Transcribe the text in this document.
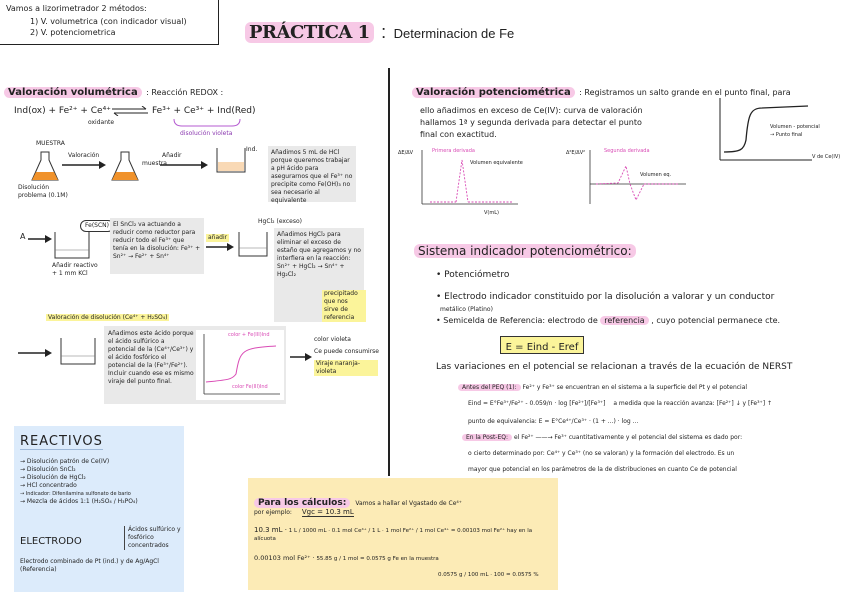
Vamos a lizorimetrador 2 métodos:
1) V. volumetrica (con indicador visual)
2) V. potenciometrica	PRÁCTICA 1 : Determinacion de Fe
Valoración volumétrica : Reacción REDOX :
Ind(ox) + Fe²⁺ + Ce⁴⁺
oxidante
⇌ Fe³⁺ + Ce³⁺ + Ind(Red)
disolución violeta
MUESTRA
Disolución problema (0.1M)
Valoración
muestra
Añadir
Ind.	Añadimos 5 mL de HCl porque queremos trabajar a pH ácido para asegurarnos que el Fe³⁺ no precipite como Fe(OH)₃ no sea necesario al equivalente
A
Fe(SCN)
Añadir reactivo + 1 mm KCl
El SnCl₂ va actuando a reducir como reductor para reducir todo el Fe³⁺ que tenía en la disolución: Fe³⁺ + Sn²⁺ → Fe²⁺ + Sn⁴⁺
añadir
HgCl₂ (exceso)
Añadimos HgCl₂ para eliminar el exceso de estaño que agregamos y no interfiera en la reacción: Sn²⁺ + HgCl₂ → Sn⁴⁺ + Hg₂Cl₂
precipitado que nos sirve de referencia
Valoración de disolución (Ce⁴⁺ + H₂SO₄)
Añadimos este ácido porque el ácido sulfúrico a potencial de la (Ce⁴⁺/Ce³⁺) y el ácido fosfórico el potencial de la (Fe³⁺/Fe²⁺). Incluir cuando ese es mismo viraje del punto final.
color + Fe(III)Ind
color Fe(III)Ind
color violeta
Ce puede consumirse
Viraje naranja-violeta
REACTIVOS
→ Disolución patrón de Ce(IV)
→ Disolución SnCl₂
→ Disolución de HgCl₂
→ HCl concentrado
→ Indicador: Difenilamina sulfonato de bario
→ Mezcla de ácidos 1:1 (H₂SO₄ / H₃PO₄)
Ácidos sulfúrico y fosfórico concentrados
ELECTRODO
Electrodo combinado de Pt (ind.) y de Ag/AgCl (Referencia)
Valoración potenciométrica : Registramos un salto grande en el punto final, para
ello añadimos en exceso de Ce(IV): curva de valoración
hallamos 1ª y segunda derivada para detectar el punto
final con exactitud.
Volumen - potencial
→ Punto final
V de Ce(IV)
ΔE/ΔV	Primera derivada
Volumen equivalente
V(mL)
Δ²E/ΔV²	Segunda derivada
Volumen eq.
Sistema indicador potenciométrico:
• Potenciómetro
• Electrodo indicador constituido por la disolución a valorar y un conductor
metálico (Platino)
• Semicelda de Referencia: electrodo de referencia , cuyo potencial permanece cte.
E = Eind - Eref
Las variaciones en el potencial se relacionan a través de la ecuación de NERST
Antes del PEQ (1): Fe²⁺ y Fe³⁺ se encuentran en el sistema a la superficie del Pt y el potencial
Eind = E°Fe³⁺/Fe²⁺ - 0.059/n · log [Fe²⁺]/[Fe³⁺] a medida que la reacción avanza: [Fe²⁺] ↓ y [Fe³⁺] ↑
punto de equivalencia: E = E°Ce⁴⁺/Ce³⁺ · (1 + ...) · log ...
En la Post-EQ: el Fe²⁺ ——→ Fe³⁺ cuantitativamente y el potencial del sistema es dado por:
o cierto determinado por: Ce⁴⁺ y Ce³⁺ (no se valoran) y la formación del electrodo. Es un
mayor que potencial en los parámetros de la de distribuciones en cuanto Ce de potencial
Para los cálculos: Vamos a hallar el Vgastado de Ce⁴⁺
por ejemplo: Vgc = 10.3 mL
10.3 mL · 1 L / 1000 mL · 0.1 mol Ce⁴⁺ / 1 L · 1 mol Fe²⁺ / 1 mol Ce⁴⁺ = 0.00103 mol Fe²⁺ hay en la alícuota
0.00103 mol Fe²⁺ · 55.85 g / 1 mol = 0.0575 g Fe en la muestra
0.0575 g / 100 mL · 100 = 0.0575 %
